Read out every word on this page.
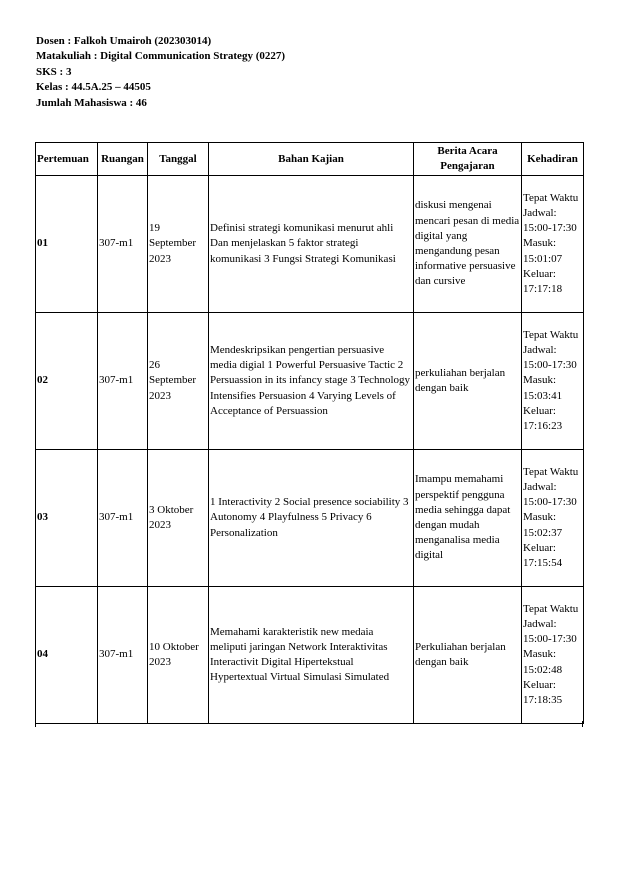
Dosen : Falkoh Umairoh (202303014)
Matakuliah : Digital Communication Strategy (0227)
SKS : 3
Kelas : 44.5A.25 – 44505
Jumlah Mahasiswa : 46
Pertemuan	Ruangan	Tanggal	Bahan Kajian	Berita Acara Pengajaran	Kehadiran
01	307-m1	19 September 2023	Definisi strategi komunikasi menurut ahli
Dan menjelaskan 5 faktor strategi komunikasi 3 Fungsi Strategi Komunikasi	diskusi mengenai mencari pesan di media digital yang mengandung pesan informative persuasive dan cursive	Tepat Waktu
Jadwal: 15:00-17:30
Masuk: 15:01:07
Keluar: 17:17:18
02	307-m1	26 September 2023	Mendeskripsikan pengertian persuasive media digial 1 Powerful Persuasive Tactic 2 Persuassion in its infancy stage 3 Technology Intensifies Persuasion 4 Varying Levels of Acceptance of Persuassion	perkuliahan berjalan dengan baik	Tepat Waktu
Jadwal: 15:00-17:30
Masuk: 15:03:41
Keluar: 17:16:23
03	307-m1	3 Oktober 2023	1 Interactivity 2 Social presence sociability 3 Autonomy 4 Playfulness 5 Privacy 6 Personalization	Imampu memahami perspektif pengguna media sehingga dapat dengan mudah menganalisa media digital	Tepat Waktu
Jadwal: 15:00-17:30
Masuk: 15:02:37
Keluar: 17:15:54
04	307-m1	10 Oktober 2023	Memahami karakteristik new medaia meliputi jaringan Network Interaktivitas Interactivit Digital Hipertekstual Hypertextual Virtual Simulasi Simulated	Perkuliahan berjalan dengan baik	Tepat Waktu
Jadwal: 15:00-17:30
Masuk: 15:02:48
Keluar: 17:18:35
